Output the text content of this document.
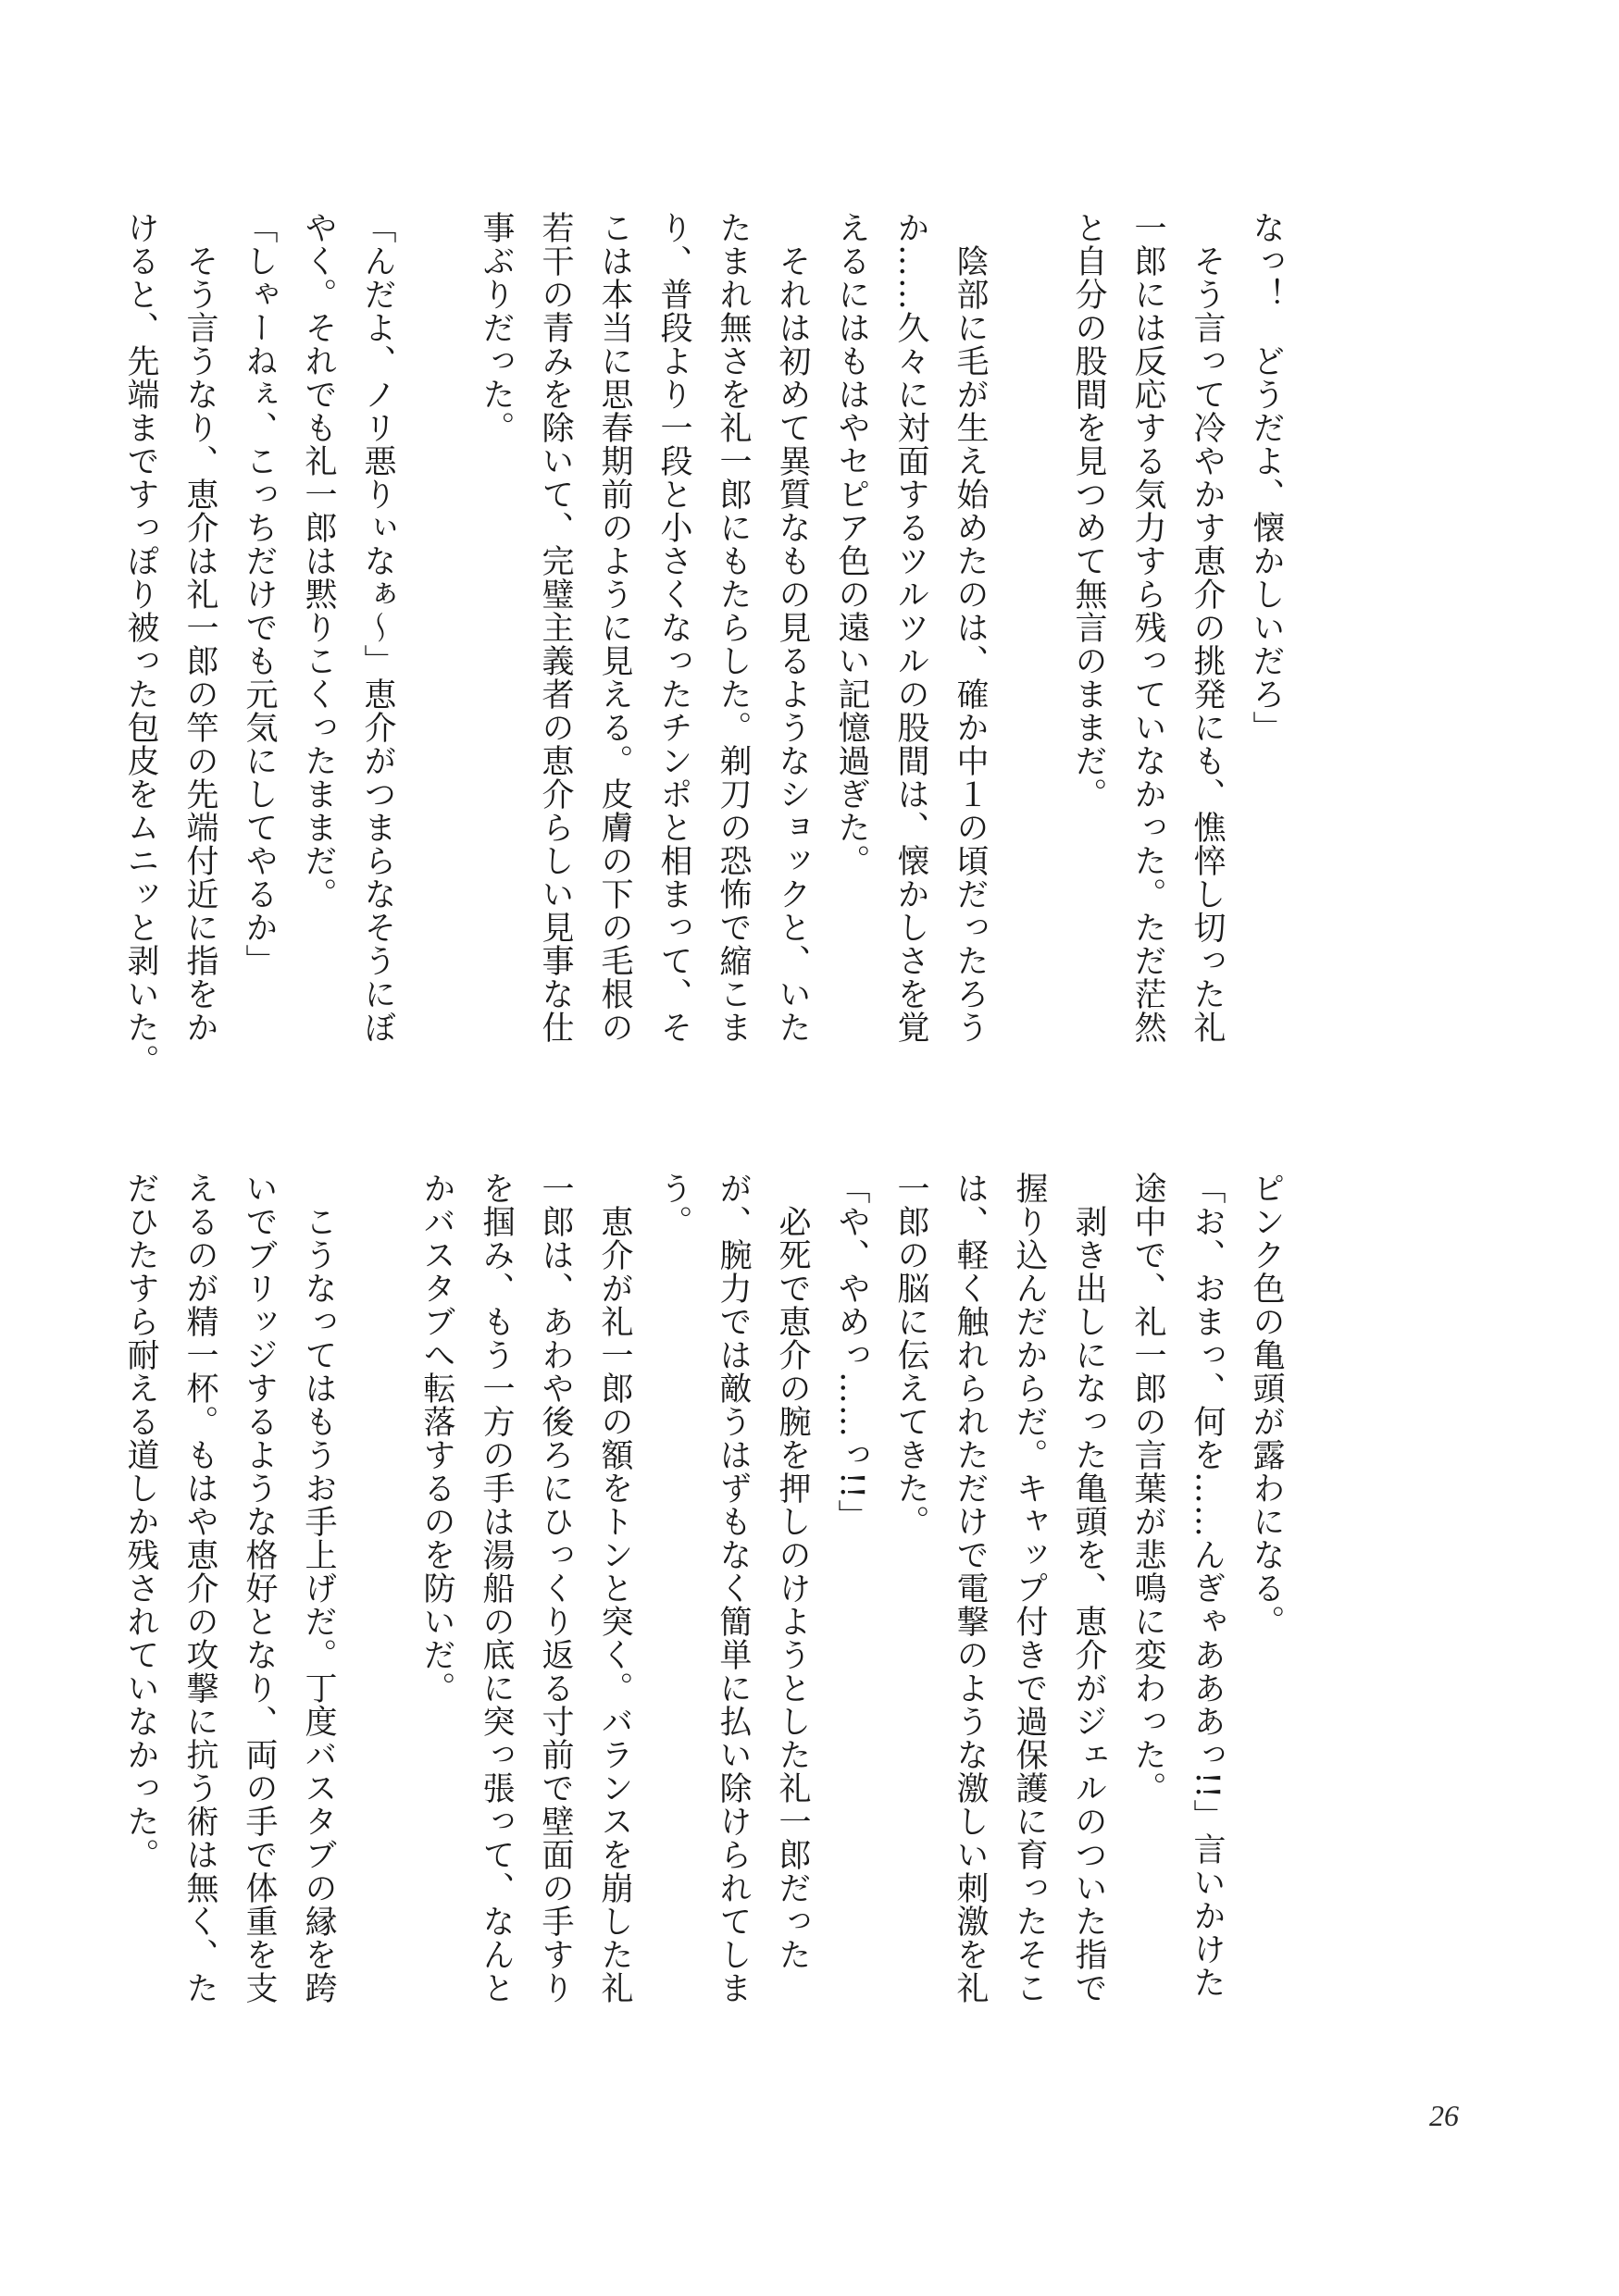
なっ！　どうだよ、懐かしいだろ」
　そう言って冷やかす恵介の挑発にも、憔悴し切った礼
一郎には反応する気力すら残っていなかった。ただ茫然
と自分の股間を見つめて無言のままだ。

　陰部に毛が生え始めたのは、確か中１の頃だったろう
か……久々に対面するツルツルの股間は、懐かしさを覚
えるにはもはやセピア色の遠い記憶過ぎた。
　それは初めて異質なもの見るようなショックと、いた
たまれ無さを礼一郎にもたらした。剃刀の恐怖で縮こま
り、普段より一段と小さくなったチンポと相まって、そ
こは本当に思春期前のように見える。皮膚の下の毛根の
若干の青みを除いて、完璧主義者の恵介らしい見事な仕
事ぶりだった。

「んだよ、ノリ悪りぃなぁ～」恵介がつまらなそうにぼ
やく。それでも礼一郎は黙りこくったままだ。
「しゃーねぇ、こっちだけでも元気にしてやるか」
　そう言うなり、恵介は礼一郎の竿の先端付近に指をか
けると、先端まですっぽり被った包皮をムニッと剥いた。
ピンク色の亀頭が露わになる。
「お、おまっ、何を……んぎゃあああっ!!」言いかけた
途中で、礼一郎の言葉が悲鳴に変わった。
　剥き出しになった亀頭を、恵介がジェルのついた指で
握り込んだからだ。キャップ付きで過保護に育ったそこ
は、軽く触れられただけで電撃のような激しい刺激を礼
一郎の脳に伝えてきた。
「や、やめっ……っ!!」
　必死で恵介の腕を押しのけようとした礼一郎だった
が、腕力では敵うはずもなく簡単に払い除けられてしま
う。
　恵介が礼一郎の額をトンと突く。バランスを崩した礼
一郎は、あわや後ろにひっくり返る寸前で壁面の手すり
を掴み、もう一方の手は湯船の底に突っ張って、なんと
かバスタブへ転落するのを防いだ。

　こうなってはもうお手上げだ。丁度バスタブの縁を跨
いでブリッジするような格好となり、両の手で体重を支
えるのが精一杯。もはや恵介の攻撃に抗う術は無く、た
だひたすら耐える道しか残されていなかった。
26
